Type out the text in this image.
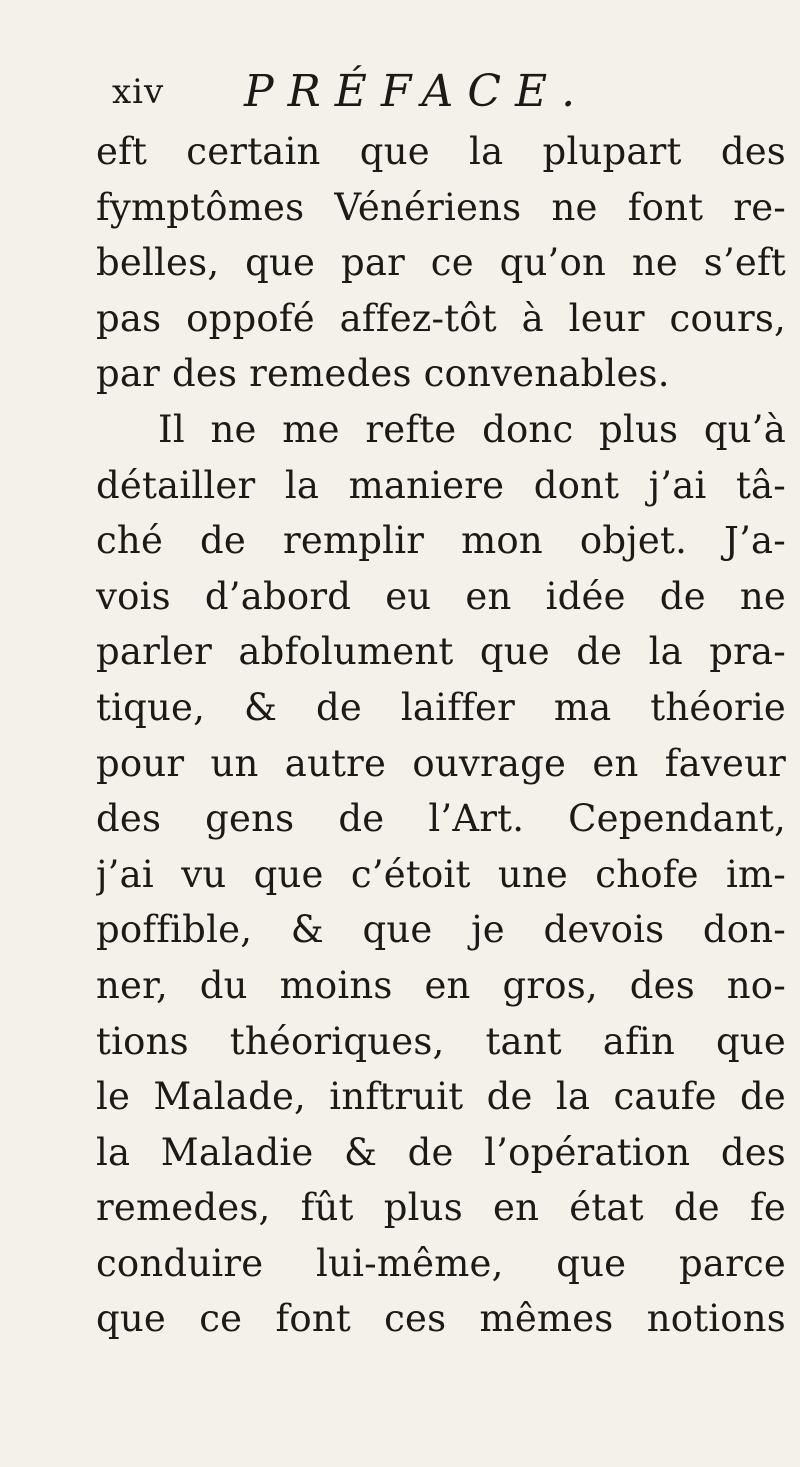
xiv PRÉFACE.
eft certain que la plupart des
fymptômes Vénériens ne font re-
belles, que par ce qu’on ne s’eft
pas oppofé affez-tôt à leur cours,
par des remedes convenables.
Il ne me refte donc plus qu’à
détailler la maniere dont j’ai tâ-
ché de remplir mon objet. J’a-
vois d’abord eu en idée de ne
parler abfolument que de la pra-
tique, & de laiffer ma théorie
pour un autre ouvrage en faveur
des gens de l’Art. Cependant,
j’ai vu que c’étoit une chofe im-
poffible, & que je devois don-
ner, du moins en gros, des no-
tions théoriques, tant afin que
le Malade, inftruit de la caufe de
la Maladie & de l’opération des
remedes, fût plus en état de fe
conduire lui-même, que parce
que ce font ces mêmes notions
